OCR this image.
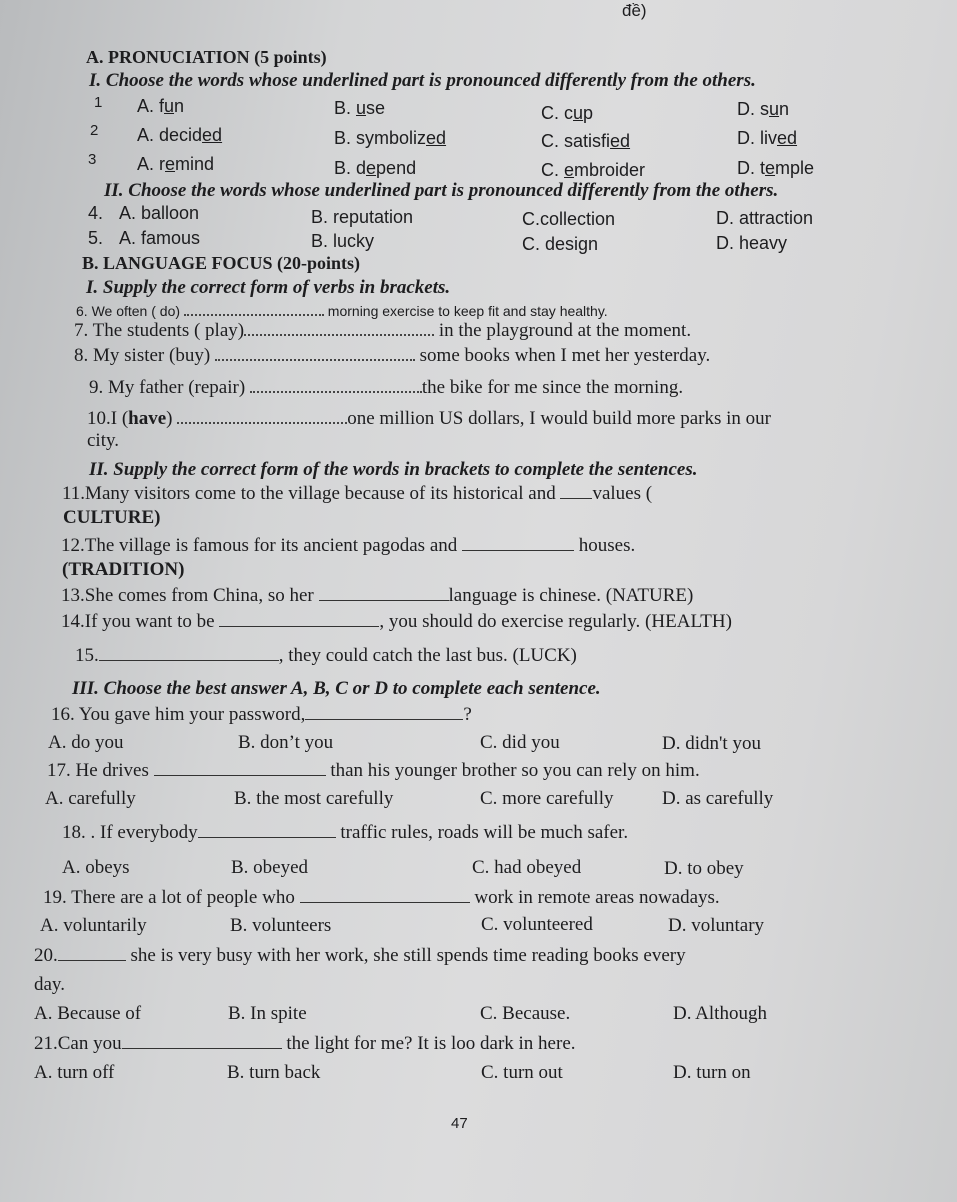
đề)
A. PRONUCIATION (5 points)
I. Choose the words whose underlined part is pronounced differently from the others.
1 A. fun	B. use	C. cup	D. sun
2 A. decided	B. symbolized	C. satisfied	D. lived
3 A. remind	B. depend	C. embroider	D. temple
II. Choose the words whose underlined part is pronounced differently from the others.
4. A. balloon	B. reputation	C.collection	D. attraction
5. A. famous	B. lucky	C. design	D. heavy
B. LANGUAGE FOCUS (20-points)
I. Supply the correct form of verbs in brackets.
6. We often ( do)	morning exercise to keep fit and stay healthy.
7. The students ( play)	in the playground at the moment.
8. My sister (buy)	some books when I met her yesterday.
9. My father (repair)	the bike for me since the morning.
10.I (have)	one million US dollars, I would build more parks in our
city.
II. Supply the correct form of the words in brackets to complete the sentences.
11.Many visitors come to the village because of its historical and values (
CULTURE)
12.The village is famous for its ancient pagodas and	houses.
(TRADITION)
13.She comes from China, so her	language is chinese. (NATURE)
14.If you want to be	, you should do exercise regularly. (HEALTH)
15.	, they could catch the last bus. (LUCK)
III. Choose the best answer A, B, C or D to complete each sentence.
16. You gave him your password,	?
A. do you	B. don’t you	C. did you	D. didn't you
17. He drives	than his younger brother so you can rely on him.
A. carefully	B. the most carefully	C. more carefully	D. as carefully
18. . If everybody	traffic rules, roads will be much safer.
A. obeys	B. obeyed	C. had obeyed	D. to obey
19. There are a lot of people who	work in remote areas nowadays.
A. voluntarily	B. volunteers	C. volunteered	D. voluntary
20.	she is very busy with her work, she still spends time reading books every
day.
A. Because of	B. In spite	C. Because.	D. Although
21.Can you	the light for me? It is loo dark in here.
A. turn off	B. turn back	C. turn out	D. turn on
47
